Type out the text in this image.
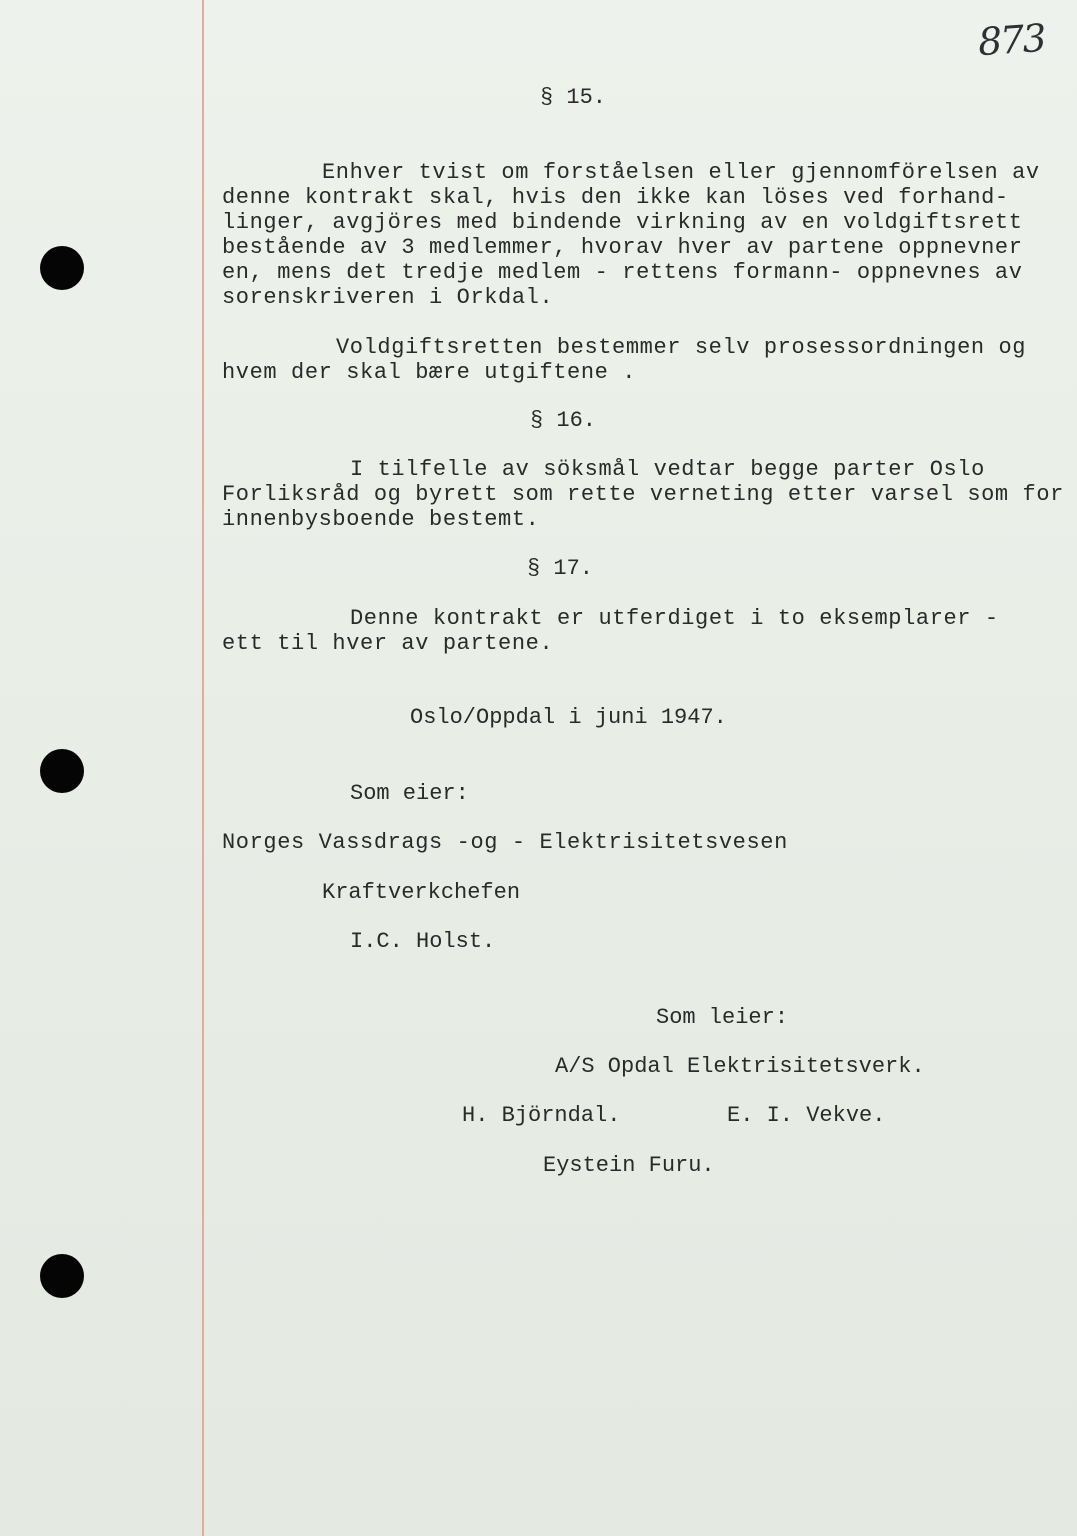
873
§ 15.
Enhver tvist om forståelsen eller gjennomförelsen av
denne kontrakt skal, hvis den ikke kan löses ved forhand-
linger, avgjöres med bindende virkning av en voldgiftsrett
bestående av 3 medlemmer, hvorav hver av partene oppnevner
en, mens det tredje medlem - rettens formann- oppnevnes av
sorenskriveren i Orkdal.
Voldgiftsretten bestemmer selv prosessordningen og
hvem der skal bære utgiftene .
§ 16.
I tilfelle av söksmål vedtar begge parter Oslo
Forliksråd og byrett som rette verneting etter varsel som for
innenbysboende bestemt.
§ 17.
Denne kontrakt er utferdiget i to eksemplarer -
ett til hver av partene.
Oslo/Oppdal i juni 1947.
Som eier:
Norges Vassdrags -og - Elektrisitetsvesen
Kraftverkchefen
I.C. Holst.
Som leier:
A/S Opdal Elektrisitetsverk.
H. Björndal.	E. I. Vekve.
Eystein Furu.
